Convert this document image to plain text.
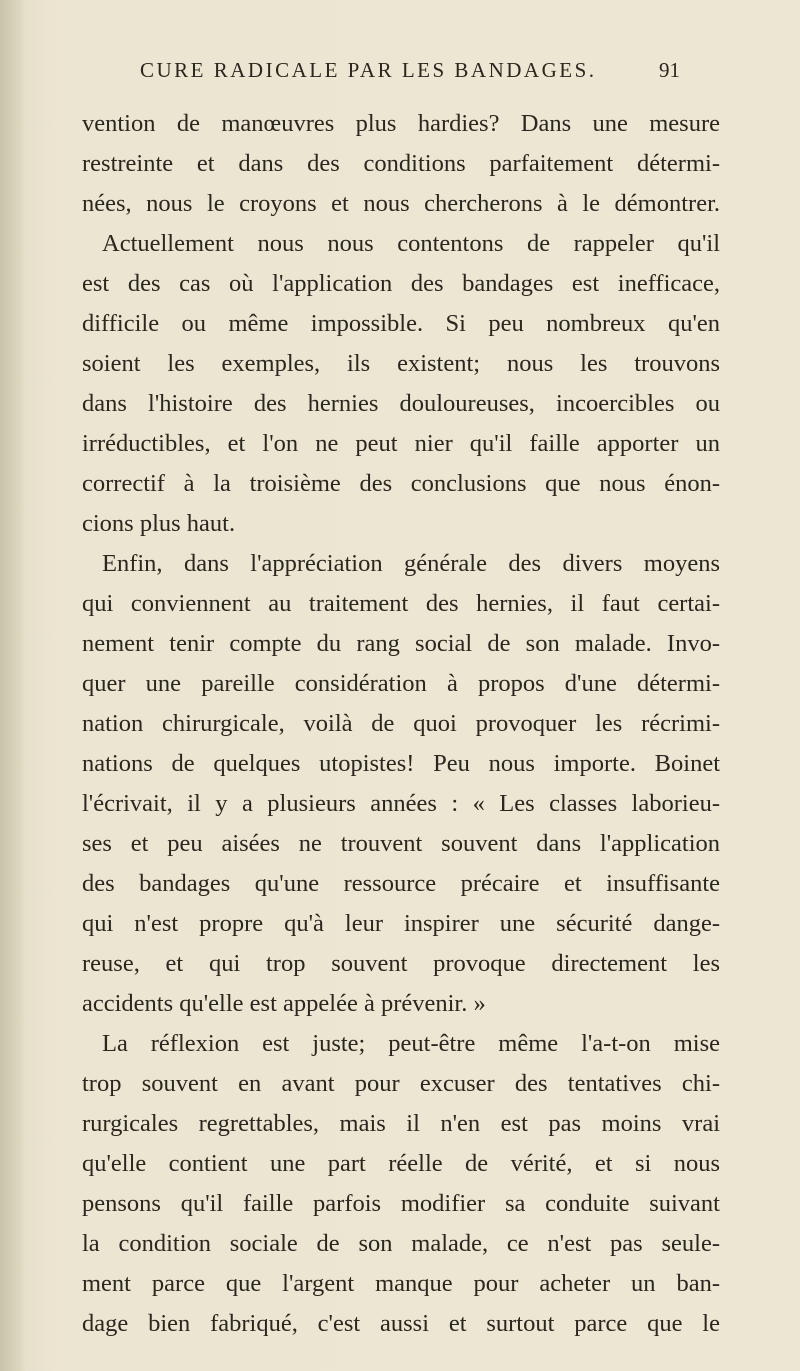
CURE RADICALE PAR LES BANDAGES.	91
vention de manœuvres plus hardies? Dans une mesure
restreinte et dans des conditions parfaitement détermi-
nées, nous le croyons et nous chercherons à le démontrer.
Actuellement nous nous contentons de rappeler qu'il
est des cas où l'application des bandages est inefficace,
difficile ou même impossible. Si peu nombreux qu'en
soient les exemples, ils existent; nous les trouvons
dans l'histoire des hernies douloureuses, incoercibles ou
irréductibles, et l'on ne peut nier qu'il faille apporter un
correctif à la troisième des conclusions que nous énon-
cions plus haut.
Enfin, dans l'appréciation générale des divers moyens
qui conviennent au traitement des hernies, il faut certai-
nement tenir compte du rang social de son malade. Invo-
quer une pareille considération à propos d'une détermi-
nation chirurgicale, voilà de quoi provoquer les récrimi-
nations de quelques utopistes! Peu nous importe. Boinet
l'écrivait, il y a plusieurs années : « Les classes laborieu-
ses et peu aisées ne trouvent souvent dans l'application
des bandages qu'une ressource précaire et insuffisante
qui n'est propre qu'à leur inspirer une sécurité dange-
reuse, et qui trop souvent provoque directement les
accidents qu'elle est appelée à prévenir. »
La réflexion est juste; peut-être même l'a-t-on mise
trop souvent en avant pour excuser des tentatives chi-
rurgicales regrettables, mais il n'en est pas moins vrai
qu'elle contient une part réelle de vérité, et si nous
pensons qu'il faille parfois modifier sa conduite suivant
la condition sociale de son malade, ce n'est pas seule-
ment parce que l'argent manque pour acheter un ban-
dage bien fabriqué, c'est aussi et surtout parce que le
